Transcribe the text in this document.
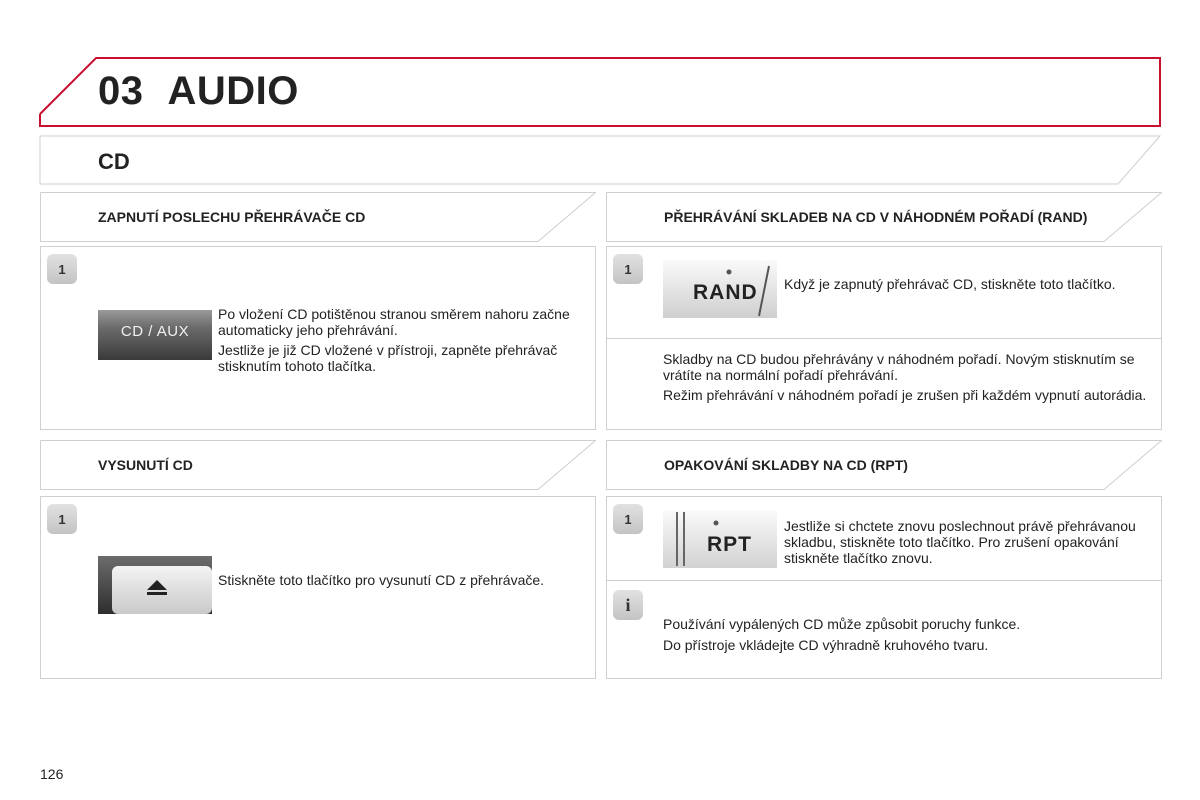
03 AUDIO
CD
ZAPNUTÍ POSLECHU PŘEHRÁVAČE CD
1
CD / AUX

Po vložení CD potištěnou stranou směrem nahoru začne automaticky jeho přehrávání.

Jestliže je již CD vložené v přístroji, zapněte přehrávač stisknutím tohoto tlačítka.

VYSUNUTÍ CD
1

Stiskněte toto tlačítko pro vysunutí CD z přehrávače.

PŘEHRÁVÁNÍ SKLADEB NA CD V NÁHODNÉM POŘADÍ (RAND)
1
RAND Když je zapnutý přehrávač CD, stiskněte toto tlačítko.

Skladby na CD budou přehrávány v náhodném pořadí. Novým stisknutím se vrátíte na normální pořadí přehrávání.

Režim přehrávání v náhodném pořadí je zrušen při každém vypnutí autorádia.

OPAKOVÁNÍ SKLADBY NA CD (RPT)
1
RPT

Jestliže si chctete znovu poslechnout právě přehrávanou skladbu, stiskněte toto tlačítko. Pro zrušení opakování stiskněte tlačítko znovu.

i

Používání vypálených CD může způsobit poruchy funkce.

Do přístroje vkládejte CD výhradně kruhového tvaru.

126
